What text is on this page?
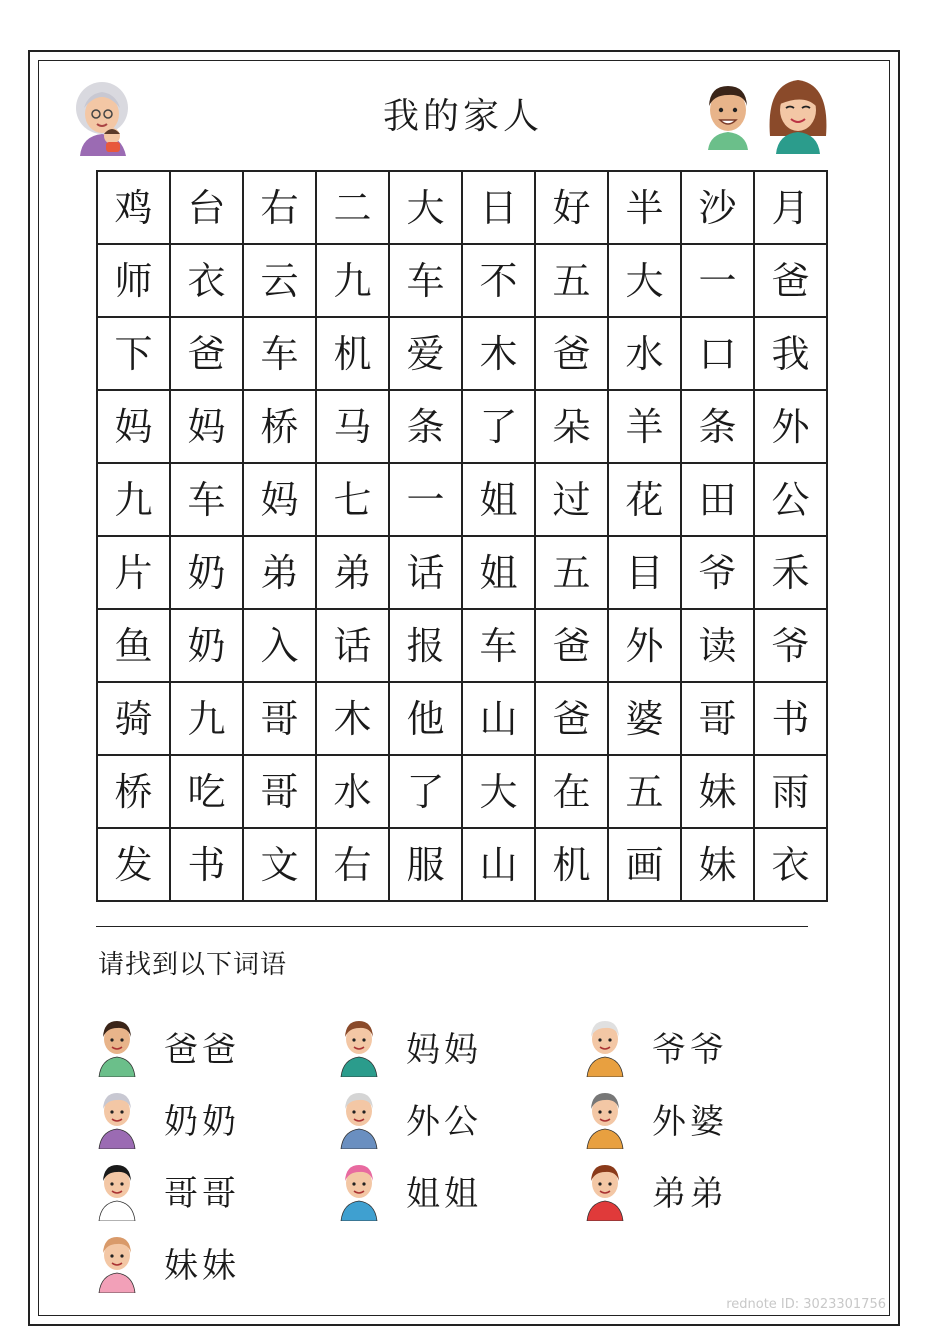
我的家人
鸡 台 右 二 大 日 好 半 沙 月
师 衣 云 九 车 不 五 大 一 爸
下 爸 车 机 爱 木 爸 水 口 我
妈 妈 桥 马 条 了 朵 羊 条 外
九 车 妈 七 一 姐 过 花 田 公
片 奶 弟 弟 话 姐 五 目 爷 禾
鱼 奶 入 话 报 车 爸 外 读 爷
骑 九 哥 木 他 山 爸 婆 哥 书
桥 吃 哥 水 了 大 在 五 妹 雨
发 书 文 右 服 山 机 画 妹 衣
请找到以下词语
爸爸	妈妈	爷爷
奶奶	外公	外婆
哥哥	姐姐	弟弟
妹妹
rednote ID: 3023301756
